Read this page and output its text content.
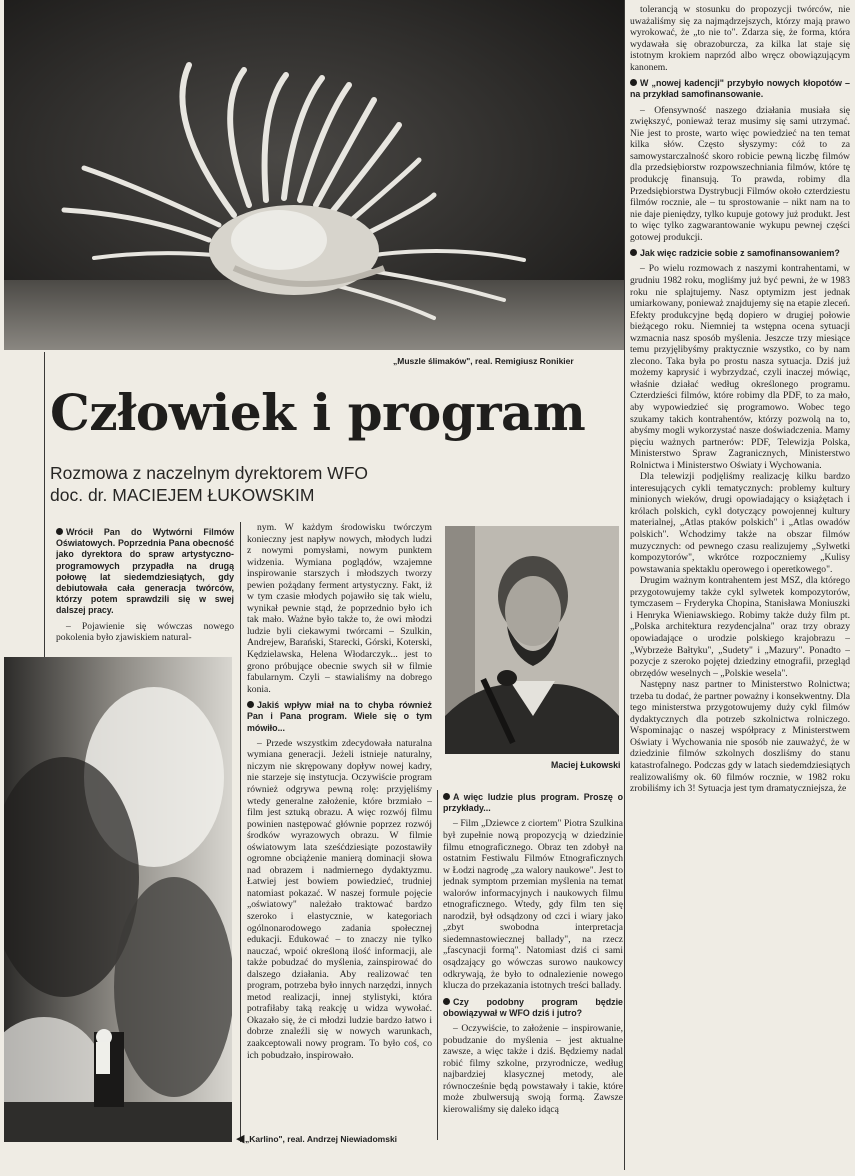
„Muszle ślimaków", real. Remigiusz Ronikier
Człowiek i program
Rozmowa z naczelnym dyrektorem WFO
doc. dr. MACIEJEM ŁUKOWSKIM

Wrócił Pan do Wytwórni Filmów Oświatowych. Poprzednia Pana obecność jako dyrektora do spraw artystyczno-programowych przypadła na drugą połowę lat siedemdziesiątych, gdy debiutowała cała generacja twórców, którzy potem sprawdzili się w swej dalszej pracy.

– Pojawienie się wówczas nowego pokolenia było zjawiskiem natural-

„Karlino", real. Andrzej Niewiadomski
◀

nym. W każdym środowisku twórczym konieczny jest napływ nowych, młodych ludzi z nowymi pomysłami, nowym punktem widzenia. Wymiana poglądów, wzajemne inspirowanie starszych i młodszych tworzy pewien pożądany ferment artystyczny. Fakt, iż w tym czasie młodych pojawiło się tak wielu, wynikał pewnie stąd, że poprzednio było ich tak mało. Ważne było także to, że owi młodzi ludzie byli ciekawymi twórcami – Szulkin, Andrejew, Barański, Starecki, Górski, Koterski, Kędzielawska, Helena Włodarczyk... jest to grono próbujące obecnie swych sił w filmie fabularnym. Czyli – stawialiśmy na dobrego konia.

Jakiś wpływ miał na to chyba również Pan i Pana program. Wiele się o tym mówiło...

– Przede wszystkim zdecydowała naturalna wymiana generacji. Jeżeli istnieje naturalny, niczym nie skrępowany dopływ nowej kadry, nie starzeje się instytucja. Oczywiście program również odgrywa pewną rolę: przyjęliśmy wtedy generalne założenie, które brzmiało – film jest sztuką obrazu. A więc rozwój filmu powinien następować głównie poprzez rozwój środków wyrazowych obrazu. W filmie oświatowym lata sześćdziesiąte pozostawiły ogromne obciążenie manierą dominacji słowa nad obrazem i nadmiernego dydaktyzmu. Łatwiej jest bowiem powiedzieć, trudniej natomiast pokazać. W naszej formule pojęcie „oświatowy" należało traktować bardzo szeroko i elastycznie, w kategoriach ogólnonarodowego zadania społecznej edukacji. Edukować – to znaczy nie tylko nauczać, wpoić określoną ilość informacji, ale także pobudzać do myślenia, zainspirować do dalszego działania. Aby realizować ten program, potrzeba było innych narzędzi, innych metod realizacji, innej stylistyki, która potrafiłaby taką reakcję u widza wywołać. Okazało się, że ci młodzi ludzie bardzo łatwo i dobrze znaleźli się w nowych warunkach, zaakceptowali nowy program. To było coś, co ich pobudzało, inspirowało.

Maciej Łukowski

A więc ludzie plus program. Proszę o przykłady...

– Film „Dziewce z ciortem" Piotra Szulkina był zupełnie nową propozycją w dziedzinie filmu etnograficznego. Obraz ten zdobył na ostatnim Festiwalu Filmów Etnograficznych w Łodzi nagrodę „za walory naukowe". Jest to jednak symptom przemian myślenia na temat walorów informacyjnych i naukowych filmu etnograficznego. Wtedy, gdy film ten się narodził, był odsądzony od czci i wiary jako „zbyt swobodna interpretacja siedemnastowiecznej ballady", na rzecz „fascynacji formą". Natomiast dziś ci sami osądzający go wówczas surowo naukowcy odkrywają, że było to odnalezienie nowego klucza do przekazania istotnych treści ballady.

Czy podobny program będzie obowiązywał w WFO dziś i jutro?

– Oczywiście, to założenie – inspirowanie, pobudzanie do myślenia – jest aktualne zawsze, a więc także i dziś. Będziemy nadal robić filmy szkolne, przyrodnicze, według najbardziej klasycznej metody, ale równocześnie będą powstawały i takie, które może zbulwersują swoją formą. Zawsze kierowaliśmy się daleko idącą

tolerancją w stosunku do propozycji twórców, nie uważaliśmy się za najmądrzejszych, którzy mają prawo wyrokować, że „to nie to". Zdarza się, że forma, która wydawała się obrazoburcza, za kilka lat staje się istotnym krokiem naprzód albo wręcz obowiązującym kanonem.

W „nowej kadencji" przybyło nowych kłopotów – na przykład samofinansowanie.

– Ofensywność naszego działania musiała się zwiększyć, ponieważ teraz musimy się sami utrzymać. Nie jest to proste, warto więc powiedzieć na ten temat kilka słów. Często słyszymy: cóż to za samowystarczalność skoro robicie pewną liczbę filmów dla przedsiębiorstw rozpowszechniania filmów, które tę produkcję finansują. To prawda, robimy dla Przedsiębiorstwa Dystrybucji Filmów około czterdziestu filmów rocznie, ale – tu sprostowanie – nikt nam na to nie daje pieniędzy, tylko kupuje gotowy już produkt. Jest to więc tylko zagwarantowanie wykupu pewnej części gotowej produkcji.

Jak więc radzicie sobie z samofinansowaniem?

– Po wielu rozmowach z naszymi kontrahentami, w grudniu 1982 roku, mogliśmy już być pewni, że w 1983 roku nie splajtujemy. Nasz optymizm jest jednak umiarkowany, ponieważ znajdujemy się na etapie zleceń. Efekty produkcyjne będą dopiero w drugiej połowie bieżącego roku. Niemniej ta wstępna ocena sytuacji wzmacnia nasz sposób myślenia. Jeszcze trzy miesiące temu przyjęlibyśmy praktycznie wszystko, co by nam zlecono. Taka była po prostu nasza sytuacja. Dziś już możemy kaprysić i wybrzydzać, czyli inaczej mówiąc, właśnie działać według określonego programu. Czterdzieści filmów, które robimy dla PDF, to za mało, aby wypowiedzieć się programowo. Wobec tego szukamy takich kontrahentów, którzy pozwolą na to, abyśmy mogli wykorzystać nasze doświadczenia. Mamy pięciu ważnych partnerów: PDF, Telewizja Polska, Ministerstwo Spraw Zagranicznych, Ministerstwo Rolnictwa i Ministerstwo Oświaty i Wychowania.

Dla telewizji podjęliśmy realizację kilku bardzo interesujących cykli tematycznych: problemy kultury minionych wieków, drugi opowiadający o książętach i królach polskich, cykl dotyczący powojennej kultury materialnej, „Atlas ptaków polskich" i „Atlas owadów polskich". Wchodzimy także na obszar filmów muzycznych: od pewnego czasu realizujemy „Sylwetki kompozytorów", wkrótce rozpoczniemy „Kulisy powstawania spektaklu operowego i operetkowego".

Drugim ważnym kontrahentem jest MSZ, dla którego przygotowujemy także cykl sylwetek kompozytorów, tymczasem – Fryderyka Chopina, Stanisława Moniuszki i Henryka Wieniawskiego. Robimy także duży film pt. „Polska architektura rezydencjalna" oraz trzy obrazy opowiadające o urodzie polskiego krajobrazu – „Wybrzeże Bałtyku", „Sudety" i „Mazury". Ponadto – pozycje z szeroko pojętej dziedziny etnografii, przegląd obrzędów weselnych – „Polskie wesela".

Następny nasz partner to Ministerstwo Rolnictwa; trzeba tu dodać, że partner poważny i konsekwentny. Dla tego ministerstwa przygotowujemy duży cykl filmów dydaktycznych dla potrzeb szkolnictwa rolniczego. Wspominając o naszej współpracy z Ministerstwem Oświaty i Wychowania nie sposób nie zauważyć, że w dziedzinie filmów szkolnych doszliśmy do stanu katastrofalnego. Podczas gdy w latach siedemdziesiątych realizowaliśmy ok. 60 filmów rocznie, w 1982 roku zrobiliśmy ich 3! Sytuacja jest tym dramatyczniejsza, że
